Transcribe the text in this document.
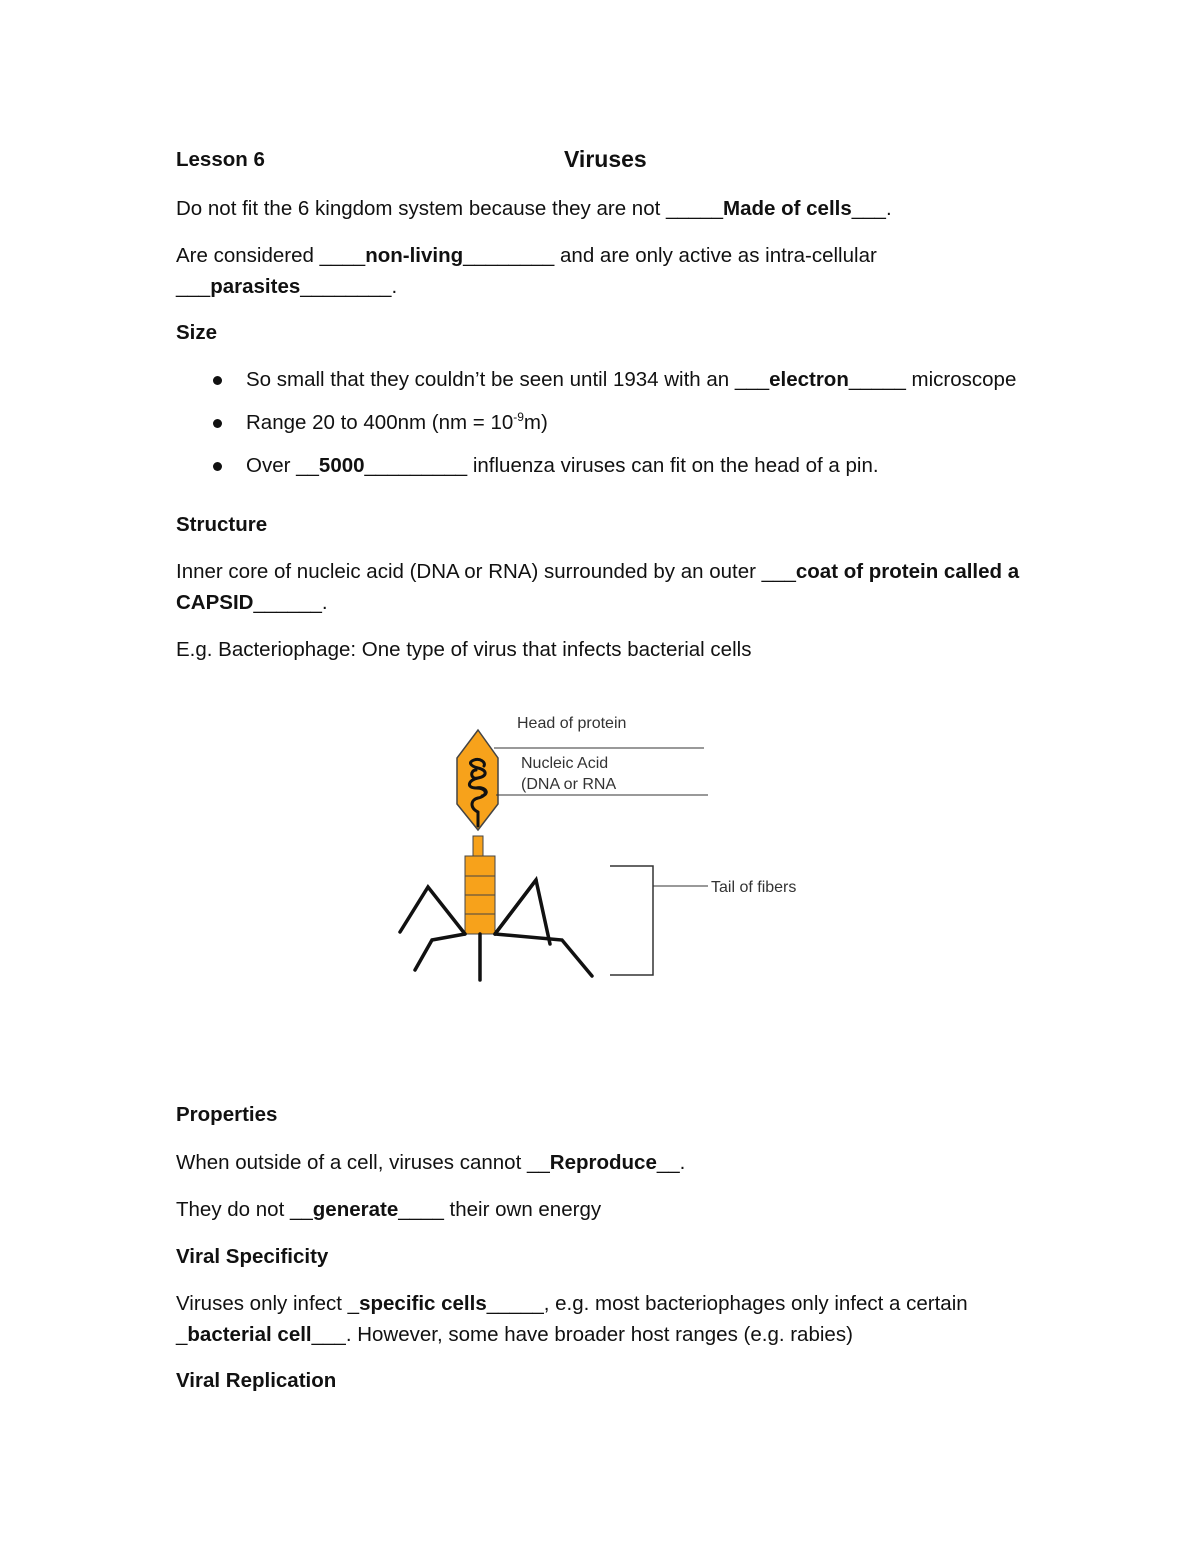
Lesson 6	Viruses
Do not fit the 6 kingdom system because they are not _____Made of cells___.
Are considered ____non-living________ and are only active as intra-cellular
___parasites________.
Size
So small that they couldn’t be seen until 1934 with an ___electron_____ microscope
Range 20 to 400nm $(nm = 10^{-9}m)$
Over __5000_________ influenza viruses can fit on the head of a pin.
Structure
Inner core of nucleic acid (DNA or RNA) surrounded by an outer ___coat of protein called a
CAPSID______.
E.g. Bacteriophage: One type of virus that infects bacterial cells
Head of protein
Nucleic Acid
(DNA or RNA
Tail of fibers
Properties
When outside of a cell, viruses cannot __Reproduce__.
They do not __generate____ their own energy
Viral Specificity
Viruses only infect _specific cells_____, e.g. most bacteriophages only infect a certain
_bacterial cell___. However, some have broader host ranges (e.g. rabies)
Viral Replication
